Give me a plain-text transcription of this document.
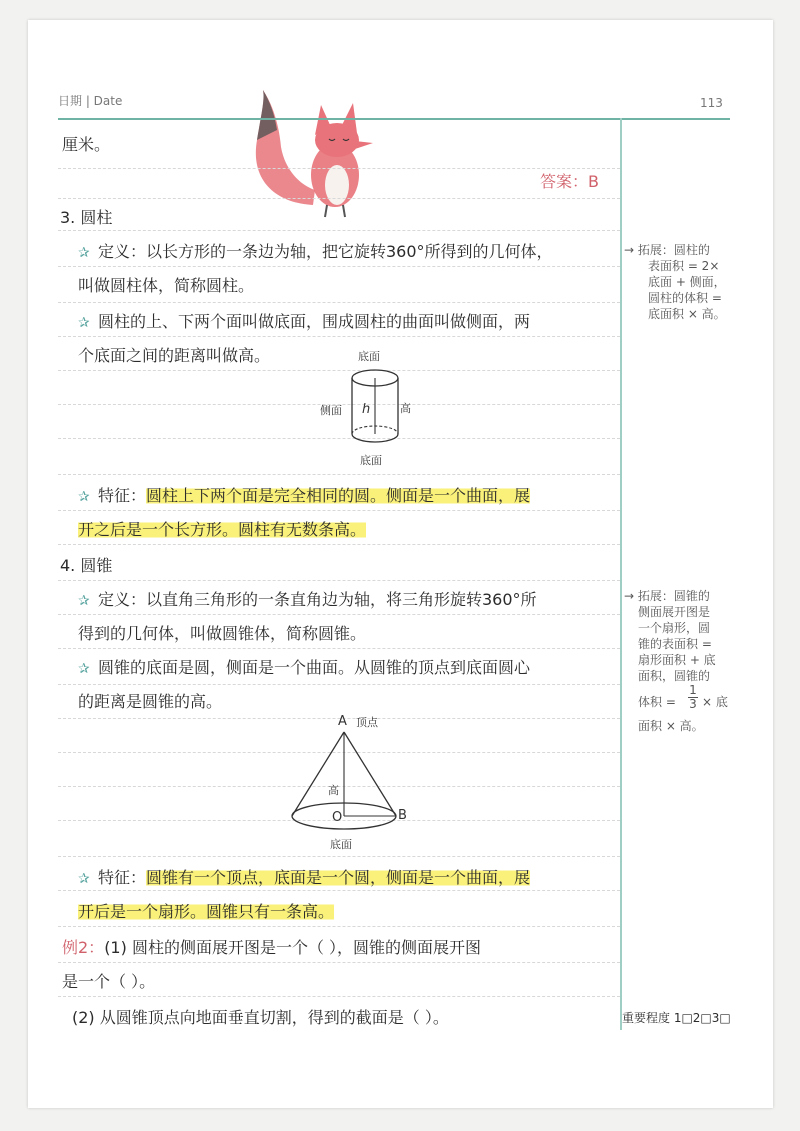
日期 | Date	113
厘米。
答案：B
3. 圆柱
✰ 定义：以长方形的一条边为轴，把它旋转360°所得到的几何体，
叫做圆柱体，简称圆柱。
✰ 圆柱的上、下两个面叫做底面，围成圆柱的曲面叫做侧面，两
个底面之间的距离叫做高。	底面
侧面 h	高
底面
✰ 特征：圆柱上下两个面是完全相同的圆。侧面是一个曲面，展
开之后是一个长方形。圆柱有无数条高。
→ 拓展：圆柱的
表面积 = 2×
底面 + 侧面，
圆柱的体积 =
底面积 × 高。
4. 圆锥
✰ 定义：以直角三角形的一条直角边为轴，将三角形旋转360°所
得到的几何体，叫做圆锥体，简称圆锥。
✰ 圆锥的底面是圆，侧面是一个曲面。从圆锥的顶点到底面圆心
的距离是圆锥的高。
A 顶点
高
O	B
底面
✰ 特征：圆锥有一个顶点，底面是一个圆，侧面是一个曲面，展
开后是一个扇形。圆锥只有一条高。
→ 拓展：圆锥的
侧面展开图是
一个扇形，圆
锥的表面积 =
扇形面积 + 底
面积，圆锥的
体积 =
1
3 × 底
面积 × 高。
例2：(1) 圆柱的侧面展开图是一个（ ），圆锥的侧面展开图
是一个（ ）。
(2) 从圆锥顶点向地面垂直切割，得到的截面是（ ）。	重要程度 1□2□3□
